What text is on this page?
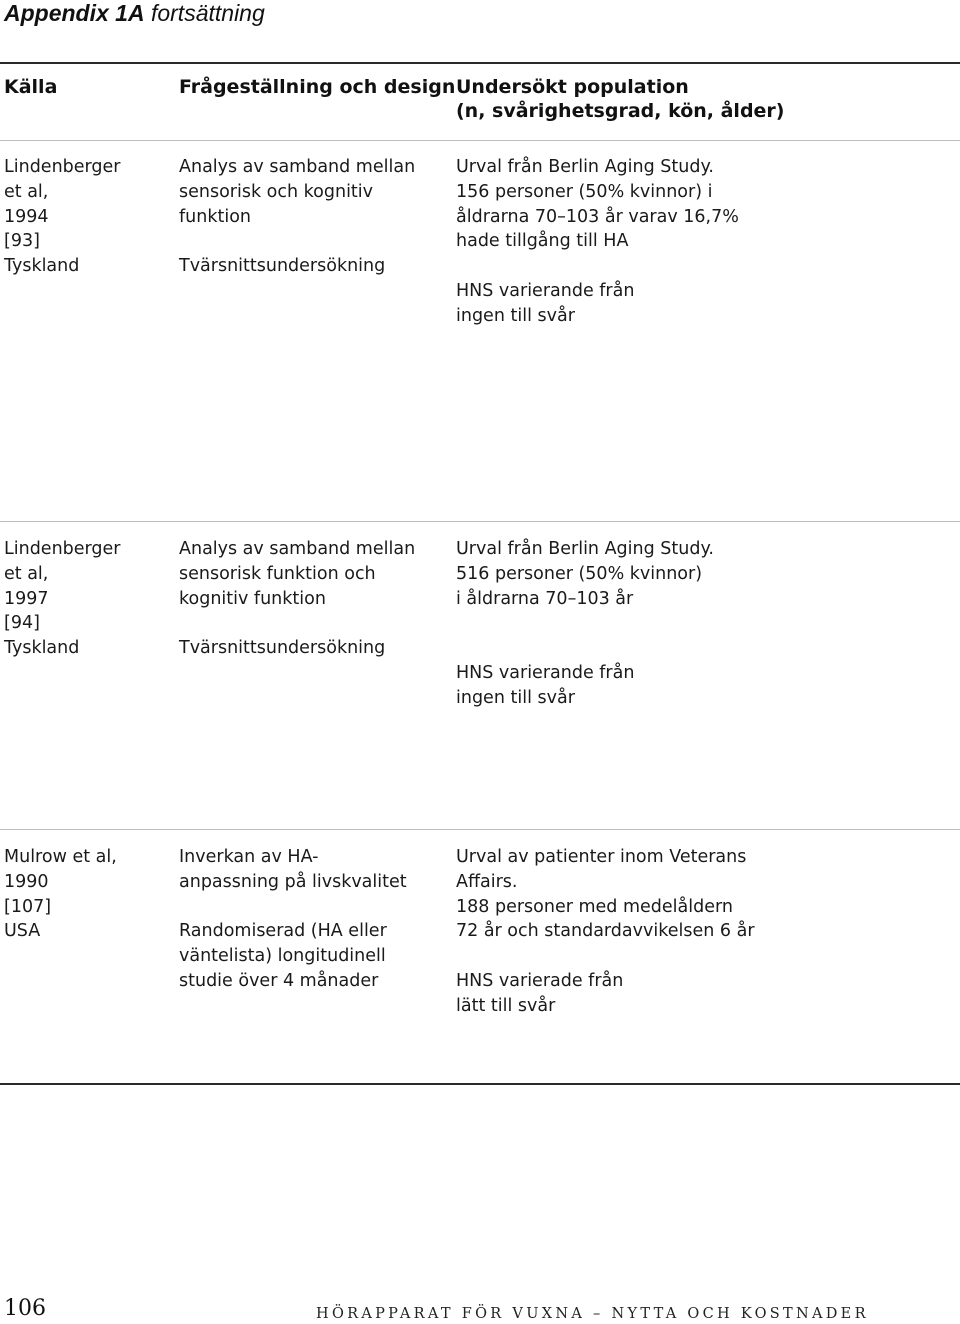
Appendix 1A fortsättning
Källa	Frågeställning och design Undersökt population
(n, svårighetsgrad, kön, ålder)
Lindenberger
et al,
1994
[93]
Tyskland
Analys av samband mellan
sensorisk och kognitiv
funktion
Tvärsnittsundersökning
Urval från Berlin Aging Study.
156 personer (50% kvinnor) i
åldrarna 70–103 år varav 16,7%
hade tillgång till HA
HNS varierande från
ingen till svår
Lindenberger
et al,
1997
[94]
Tyskland
Analys av samband mellan
sensorisk funktion och
kognitiv funktion
Tvärsnittsundersökning
Urval från Berlin Aging Study.
516 personer (50% kvinnor)
i åldrarna 70–103 år
HNS varierande från
ingen till svår
Mulrow et al,
1990
[107]
USA
Inverkan av HA-
anpassning på livskvalitet
Randomiserad (HA eller
väntelista) longitudinell
studie över 4 månader
Urval av patienter inom Veterans
Affairs.
188 personer med medelåldern
72 år och standardavvikelsen 6 år
HNS varierade från
lätt till svår
106	HÖRAPPARAT FÖR VUXNA – NYTTA OCH KOSTNADER
